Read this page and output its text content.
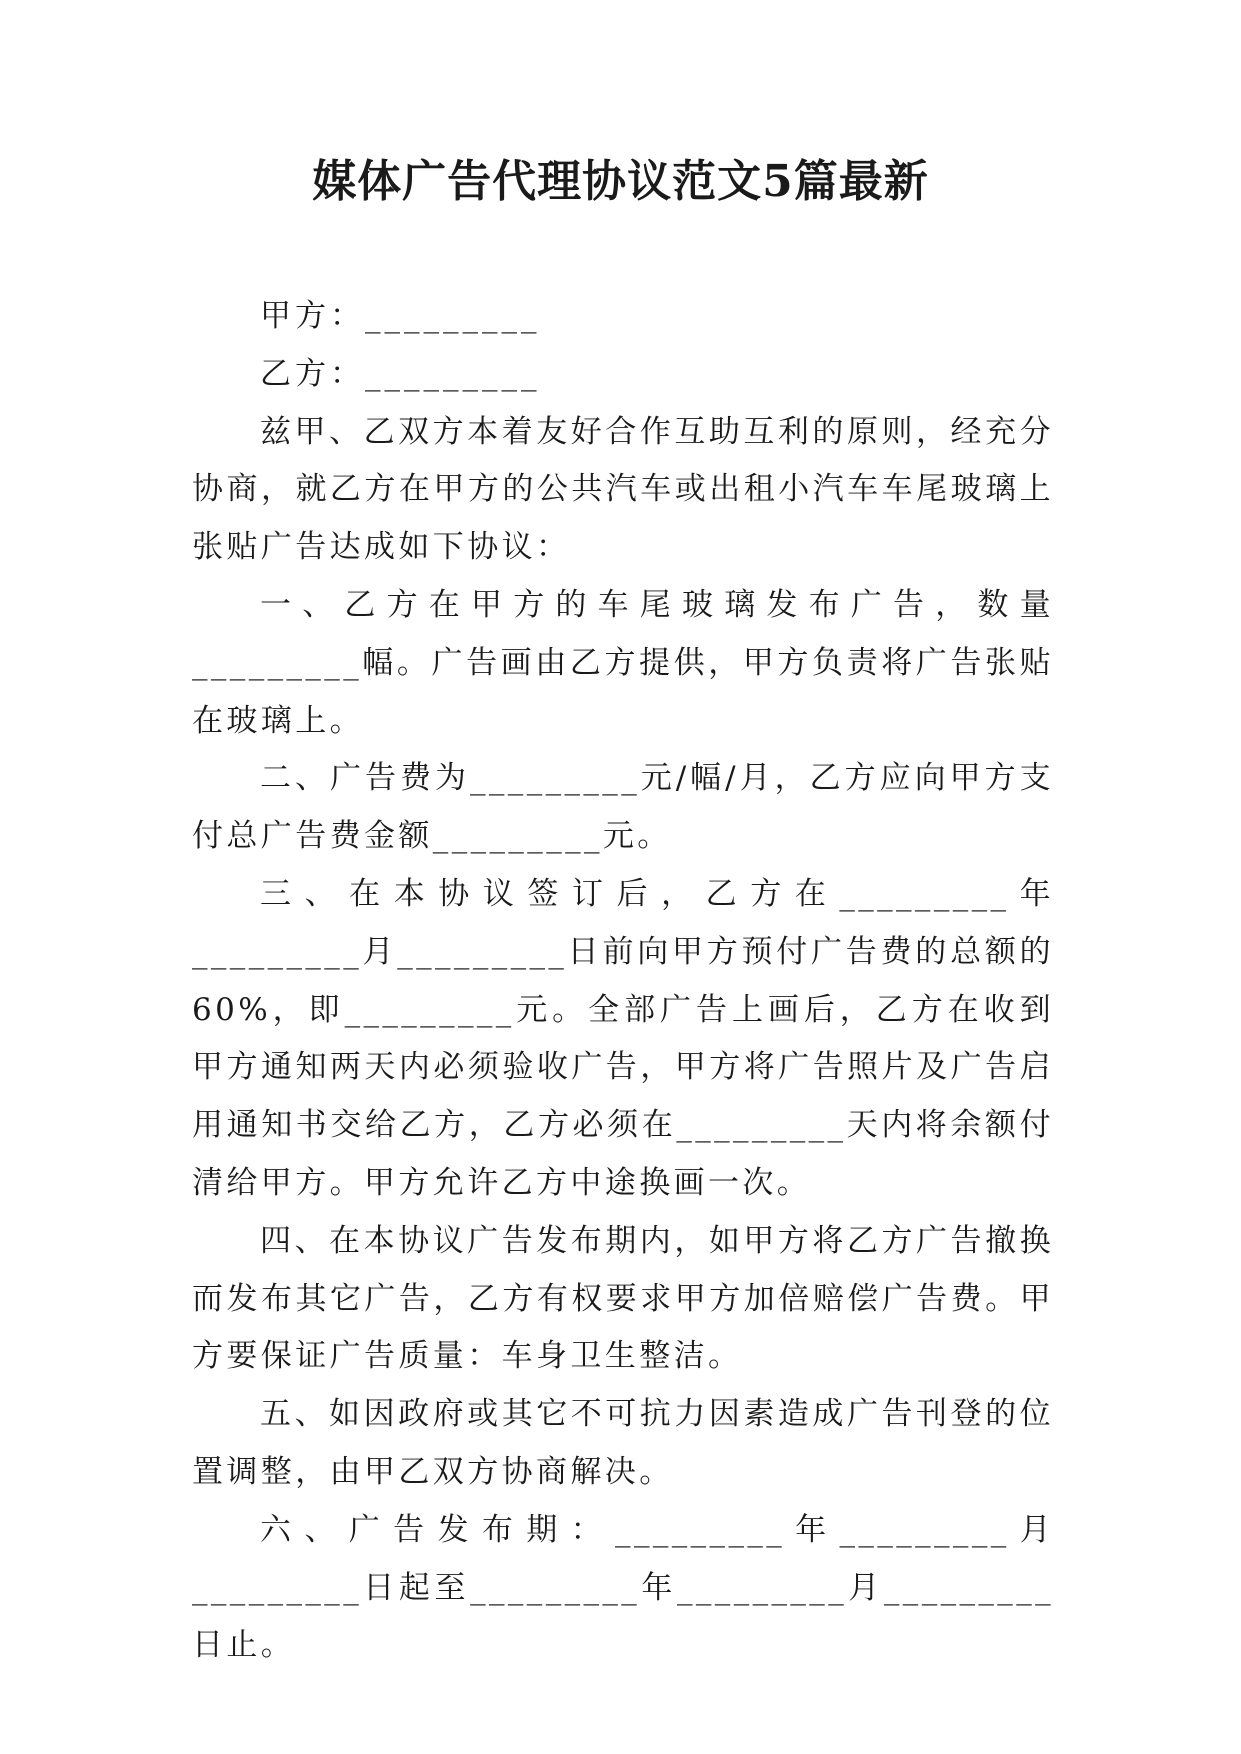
媒体广告代理协议范文5篇最新

甲方：_________

乙方：_________

兹甲、乙双方本着友好合作互助互利的原则，经充分协商，就乙方在甲方的公共汽车或出租小汽车车尾玻璃上张贴广告达成如下协议：

一、乙方在甲方的车尾玻璃发布广告，数量_________幅。广告画由乙方提供，甲方负责将广告张贴在玻璃上。

二、广告费为_________元/幅/月，乙方应向甲方支付总广告费金额_________元。

三、在本协议签订后，乙方在_________年_________月_________日前向甲方预付广告费的总额的60%，即_________元。全部广告上画后，乙方在收到甲方通知两天内必须验收广告，甲方将广告照片及广告启用通知书交给乙方，乙方必须在_________天内将余额付清给甲方。甲方允许乙方中途换画一次。

四、在本协议广告发布期内，如甲方将乙方广告撤换而发布其它广告，乙方有权要求甲方加倍赔偿广告费。甲方要保证广告质量：车身卫生整洁。

五、如因政府或其它不可抗力因素造成广告刊登的位置调整，由甲乙双方协商解决。

六、广告发布期：_________年_________月_________日起至_________年_________月_________日止。
